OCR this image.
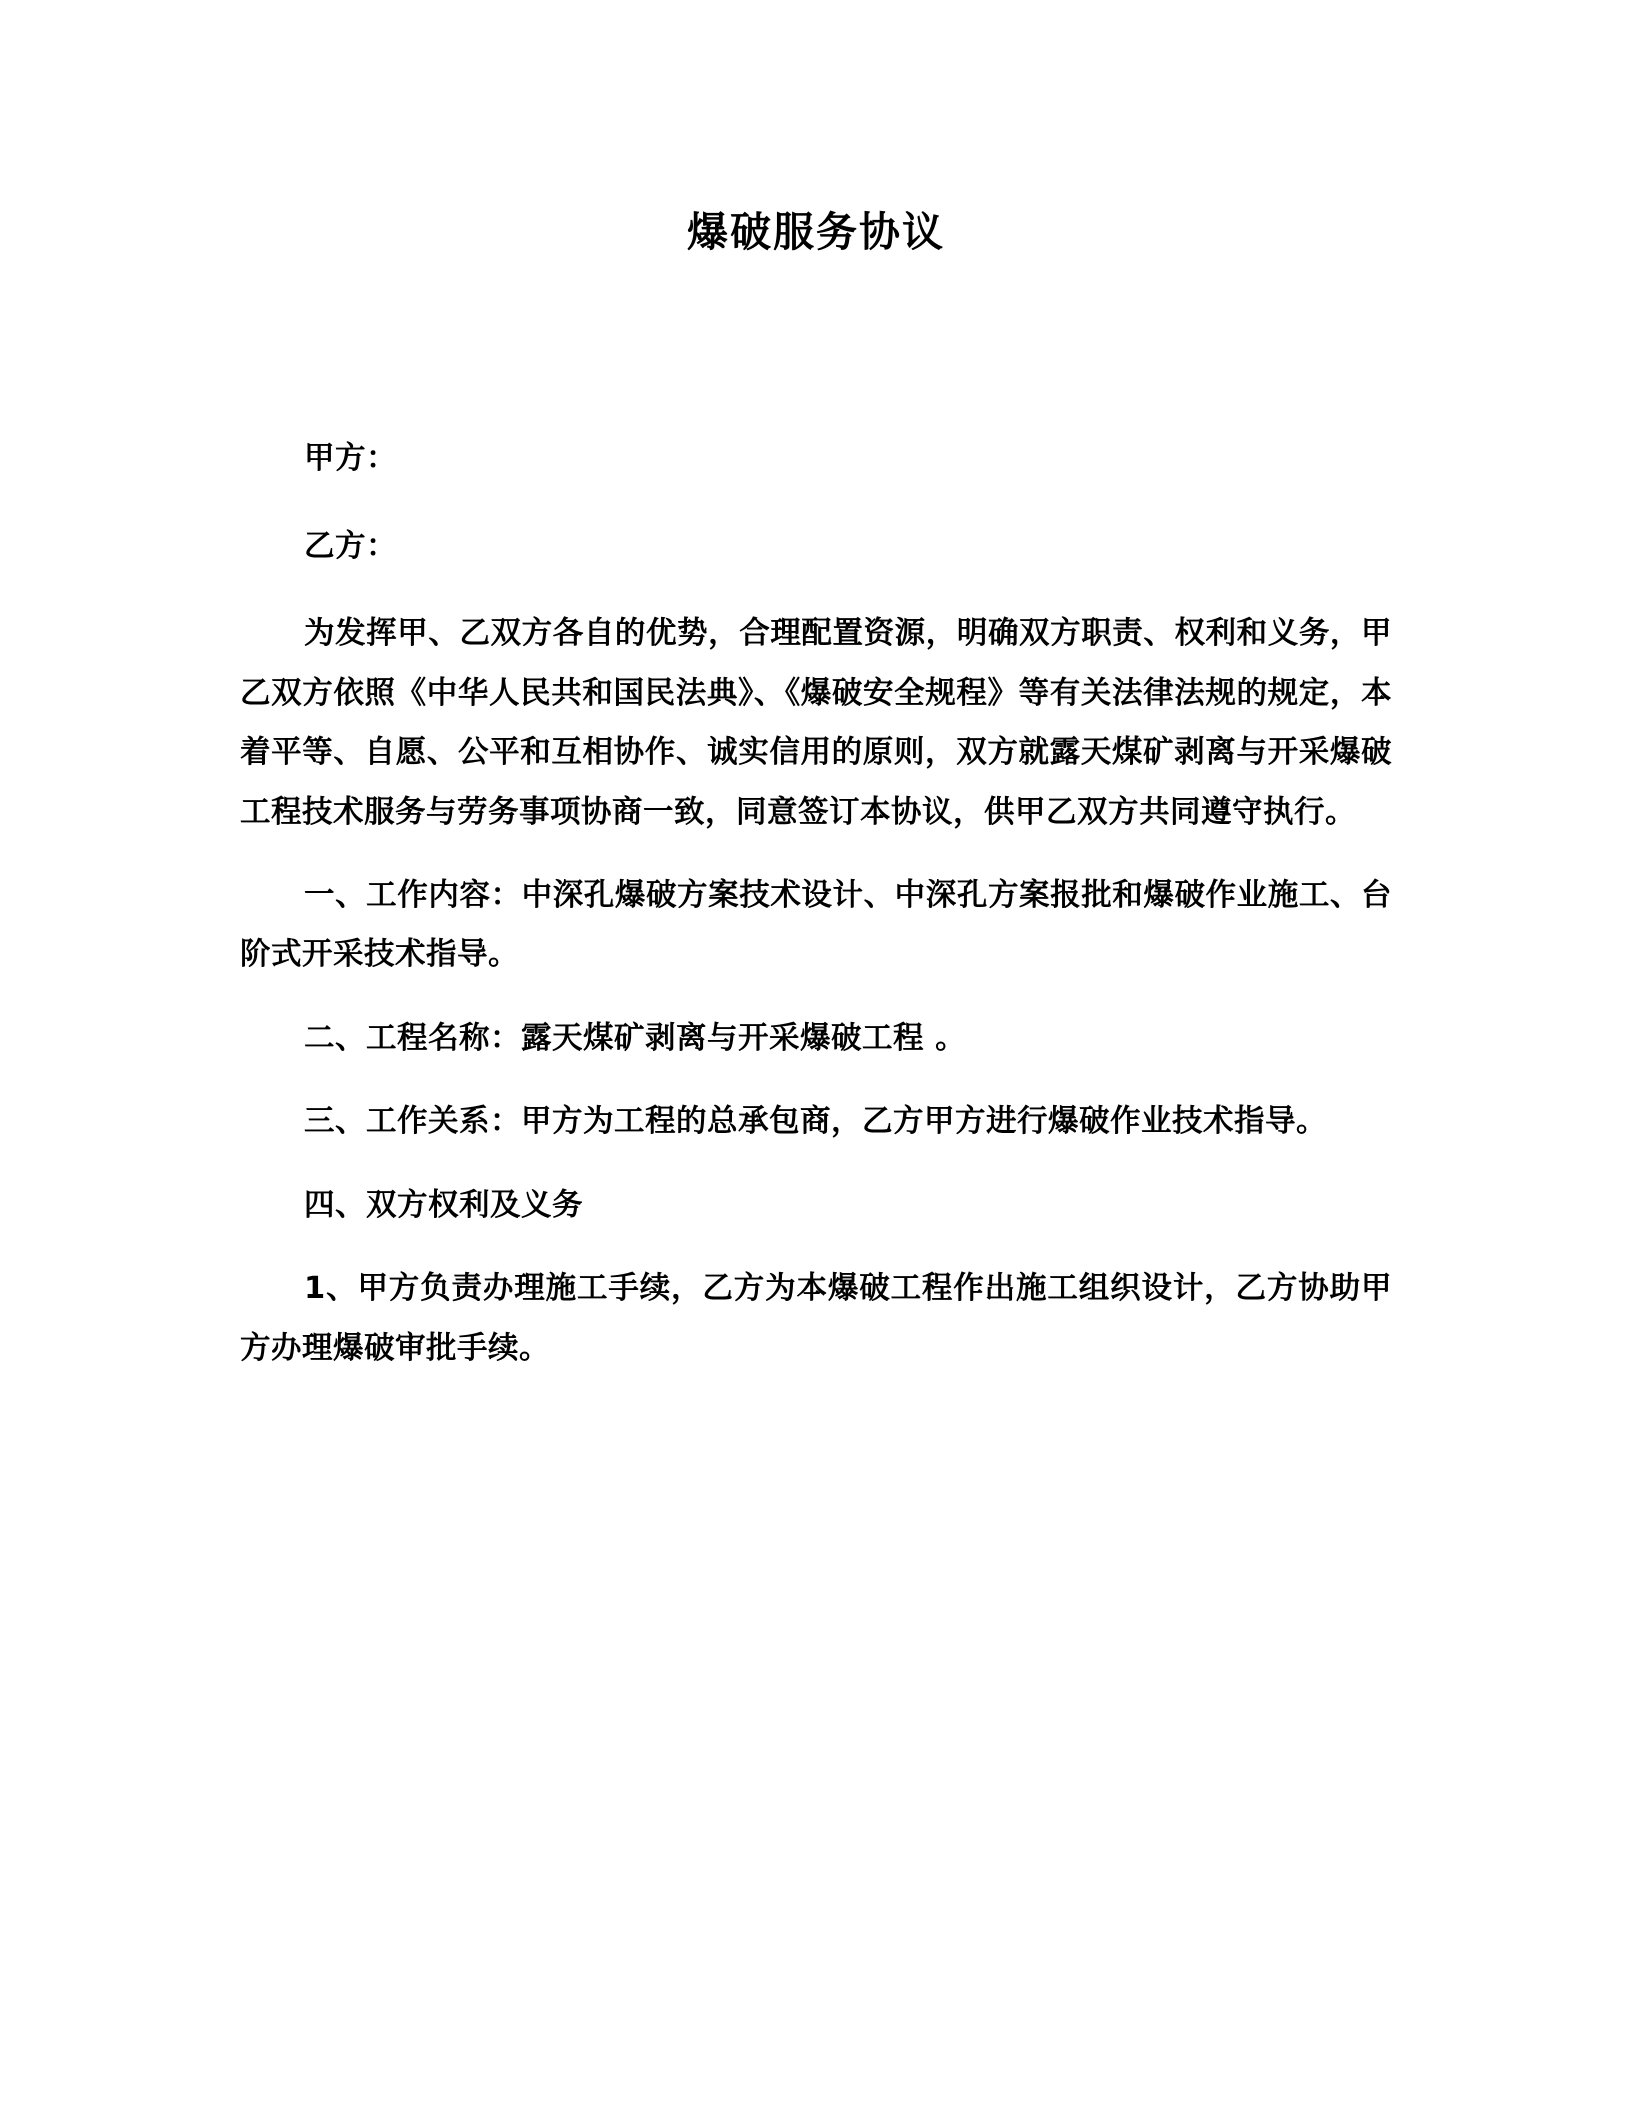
爆破服务协议

甲方：

乙方：

为发挥甲、乙双方各自的优势，合理配置资源，明确双方职责、权利和义务，甲乙双方依照《中华人民共和国民法典》、《爆破安全规程》等有关法律法规的规定，本着平等、自愿、公平和互相协作、诚实信用的原则，双方就露天煤矿剥离与开采爆破工程技术服务与劳务事项协商一致，同意签订本协议，供甲乙双方共同遵守执行。

一、工作内容：中深孔爆破方案技术设计、中深孔方案报批和爆破作业施工、台阶式开采技术指导。

二、工程名称：露天煤矿剥离与开采爆破工程 。

三、工作关系：甲方为工程的总承包商，乙方甲方进行爆破作业技术指导。

四、双方权利及义务

1、甲方负责办理施工手续，乙方为本爆破工程作出施工组织设计，乙方协助甲方办理爆破审批手续。
